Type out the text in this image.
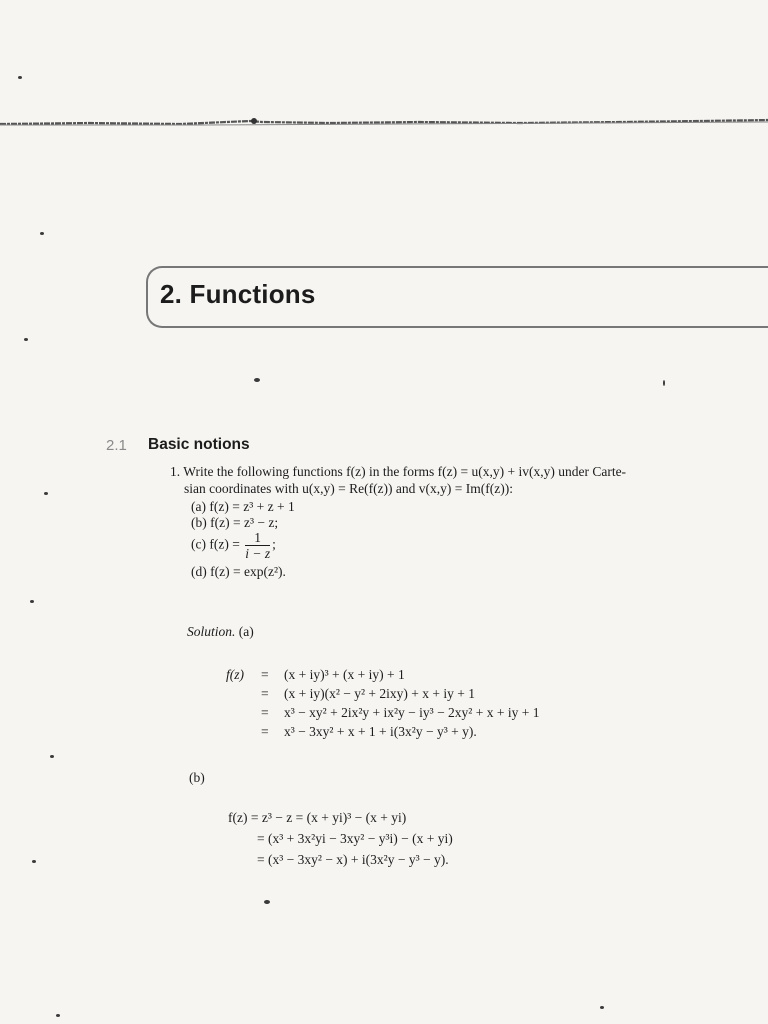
2. Functions
2.1 Basic notions
1. Write the following functions f(z) in the forms f(z) = u(x,y) + iv(x,y) under Carte-
sian coordinates with u(x,y) = Re(f(z)) and v(x,y) = Im(f(z)):
(a) f(z) = z³ + z + 1
(b) f(z) = z³ − z;
(c) $f(z) = \frac{1}{i - z}$ ;
(d) f(z) = exp(z²).
Solution. (a)
f(z) =
=
=
=
(x + iy)³ + (x + iy) + 1
(x + iy)(x² − y² + 2ixy) + x + iy + 1
x³ − xy² + 2ix²y + ix²y − iy³ − 2xy² + x + iy + 1
x³ − 3xy² + x + 1 + i(3x²y − y³ + y).
(b)
f(z) = z³ − z = (x + yi)³ − (x + yi)
= (x³ + 3x²yi − 3xy² − y³i) − (x + yi)
= (x³ − 3xy² − x) + i(3x²y − y³ − y).
